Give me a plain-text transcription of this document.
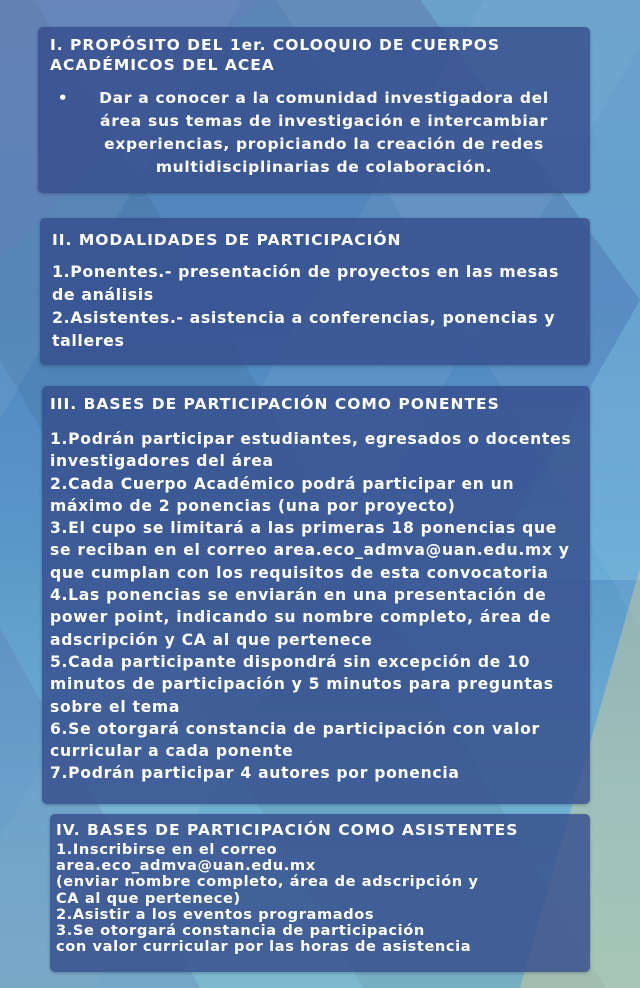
I. PROPÓSITO DEL 1er. COLOQUIO DE CUERPOS
ACADÉMICOS DEL ACEA
•	Dar a conocer a la comunidad investigadora del área sus temas de investigación e intercambiar experiencias, propiciando la creación de redes multidisciplinarias de colaboración.
II. MODALIDADES DE PARTICIPACIÓN

1.Ponentes.- presentación de proyectos en las mesas de análisis

2.Asistentes.- asistencia a conferencias, ponencias y talleres

III. BASES DE PARTICIPACIÓN COMO PONENTES

1.Podrán participar estudiantes, egresados o docentes investigadores del área

2.Cada Cuerpo Académico podrá participar en un máximo de 2 ponencias (una por proyecto)

3.El cupo se limitará a las primeras 18 ponencias que se reciban en el correo area.eco_admva@uan.edu.mx y que cumplan con los requisitos de esta convocatoria

4.Las ponencias se enviarán en una presentación de power point, indicando su nombre completo, área de adscripción y CA al que pertenece

5.Cada participante dispondrá sin excepción de 10 minutos de participación y 5 minutos para preguntas sobre el tema

6.Se otorgará constancia de participación con valor curricular a cada ponente

7.Podrán participar 4 autores por ponencia

IV. BASES DE PARTICIPACIÓN COMO ASISTENTES

1.Inscribirse en el correo

area.eco_admva@uan.edu.mx

(enviar nombre completo, área de adscripción y

CA al que pertenece)

2.Asistir a los eventos programados

3.Se otorgará constancia de participación

con valor curricular por las horas de asistencia
